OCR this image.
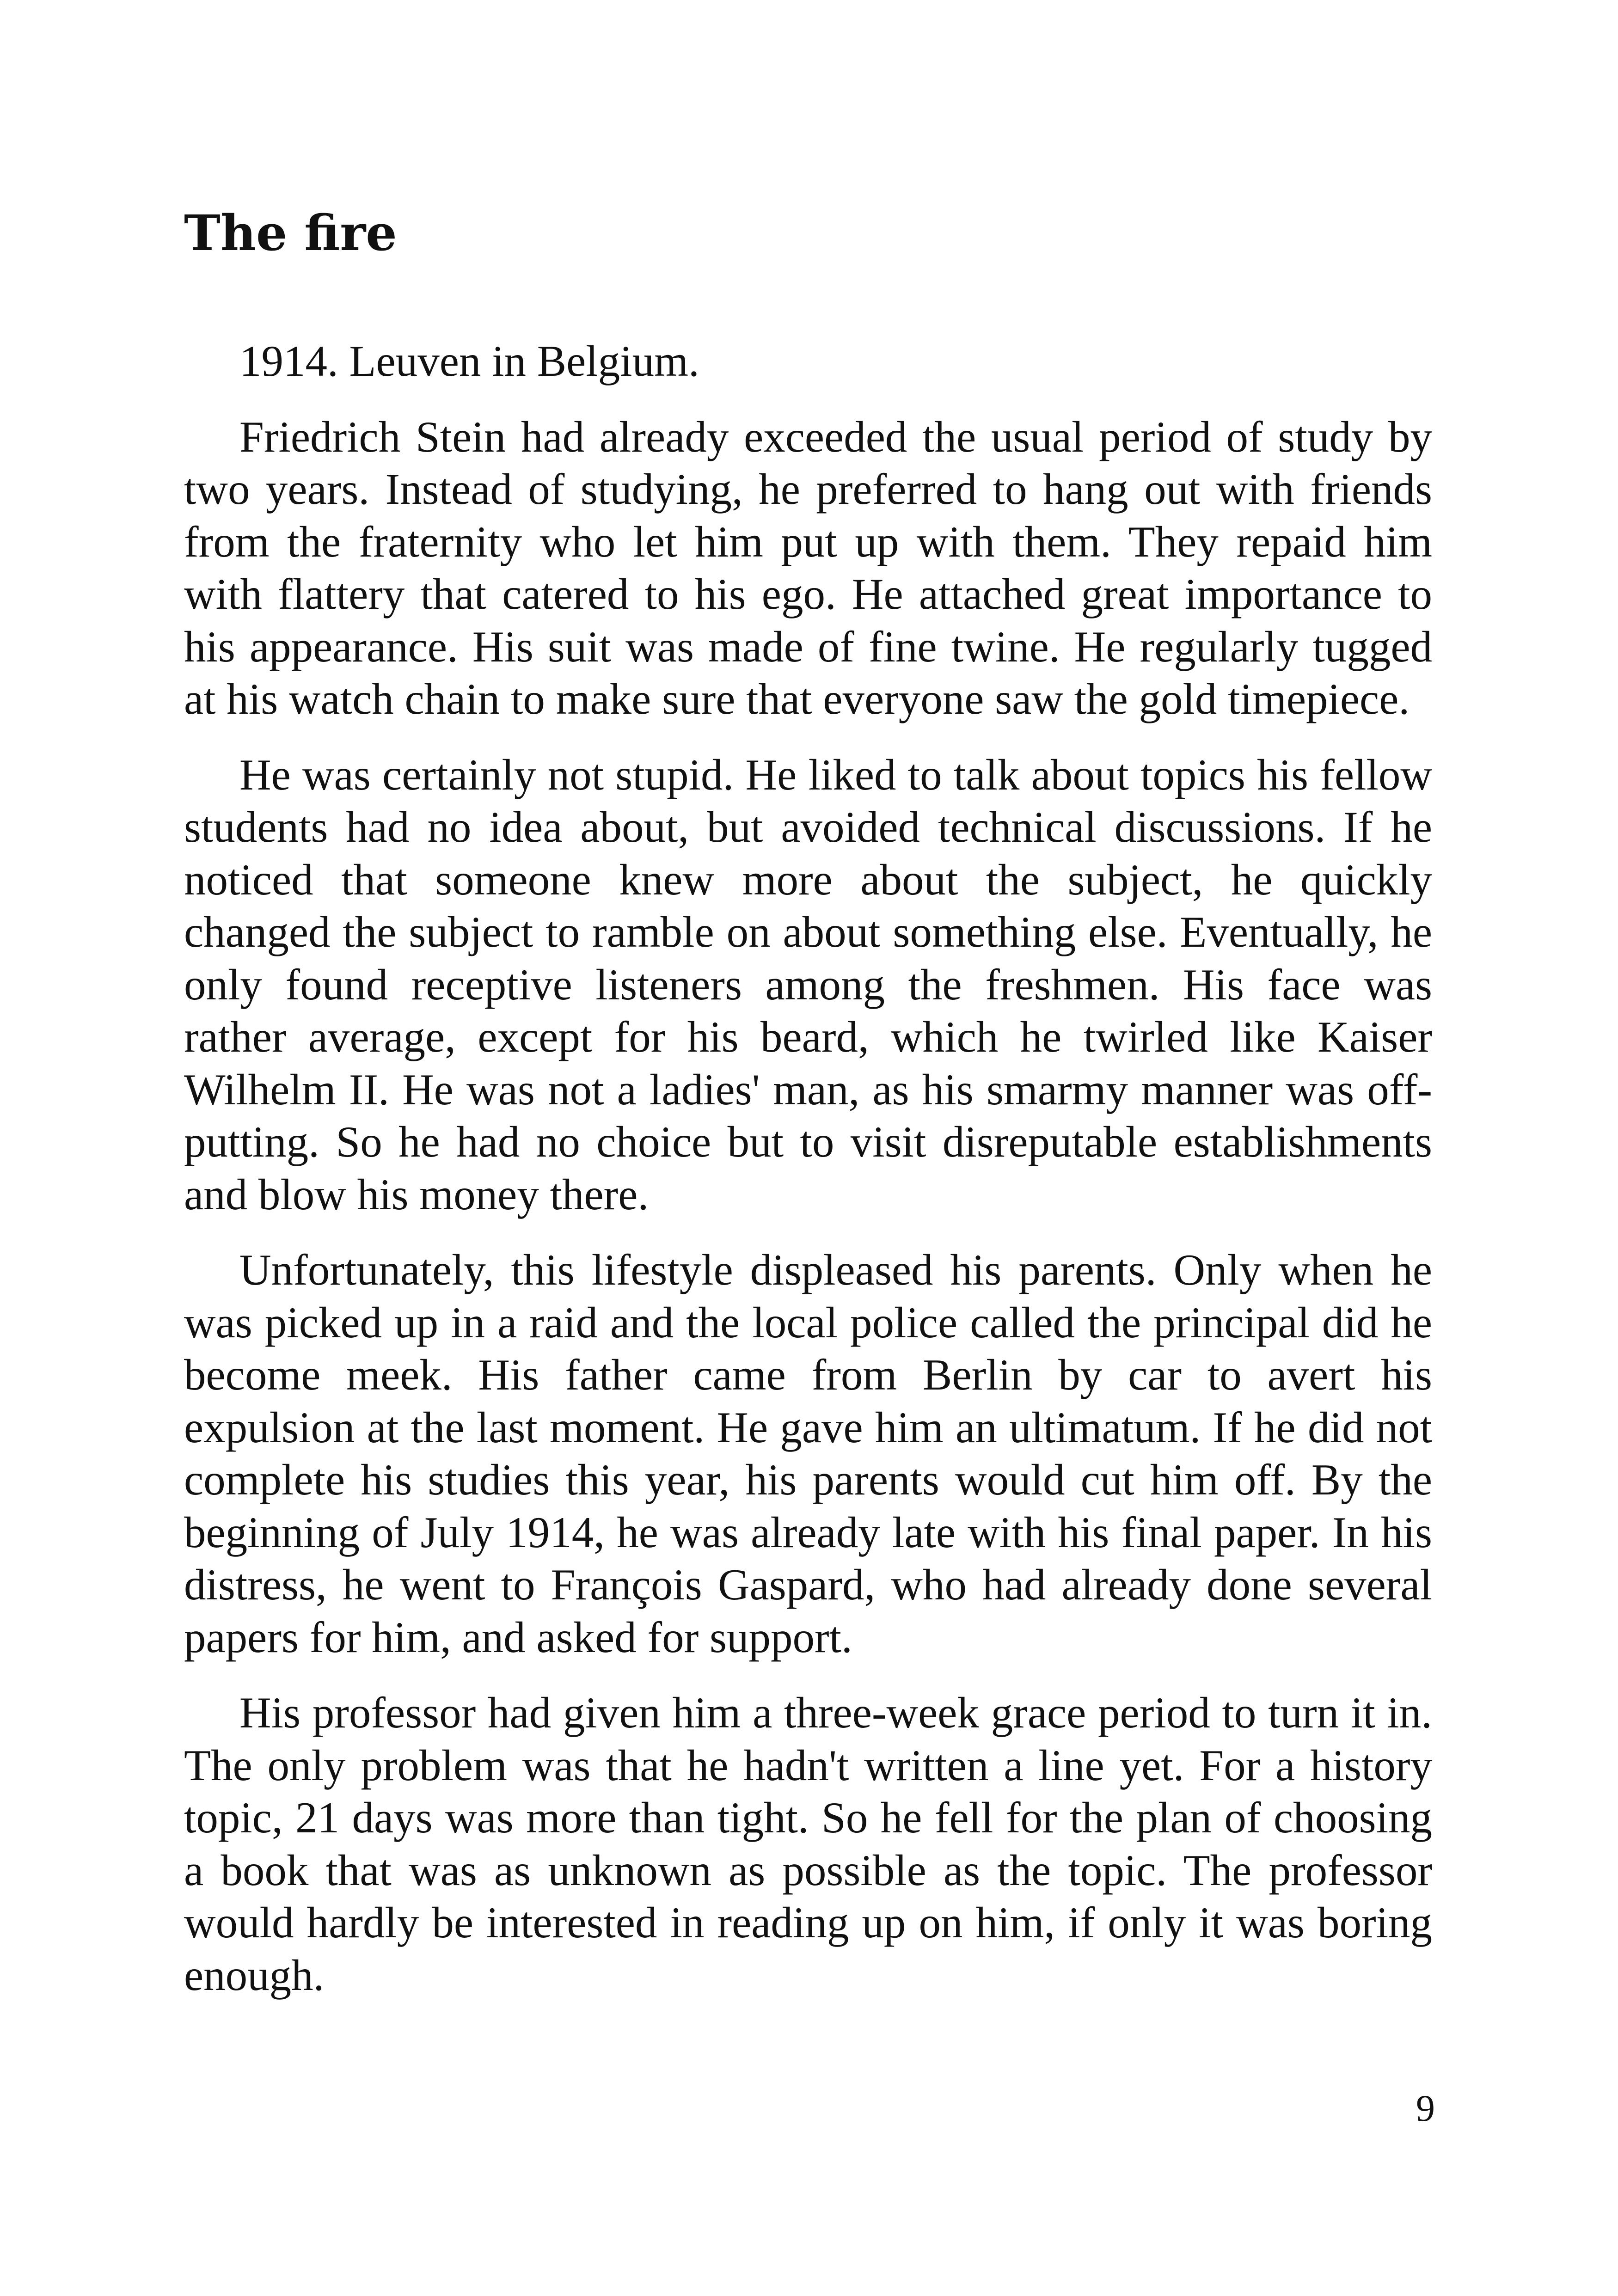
The fire

1914. Leuven in Belgium.

Friedrich Stein had already exceeded the usual period of study by two years. Instead of studying, he preferred to hang out with friends from the fraternity who let him put up with them. They repaid him with flattery that catered to his ego. He attached great importance to his appearance. His suit was made of fine twine. He regularly tugged at his watch chain to make sure that everyone saw the gold timepiece.

He was certainly not stupid. He liked to talk about topics his fellow students had no idea about, but avoided technical discussions. If he noticed that someone knew more about the subject, he quickly changed the subject to ramble on about something else. Eventually, he only found receptive listeners among the freshmen. His face was rather average, except for his beard, which he twirled like Kaiser Wilhelm II. He was not a ladies' man, as his smarmy manner was off-putting. So he had no choice but to visit disreputable establishments and blow his money there.

Unfortunately, this lifestyle displeased his parents. Only when he was picked up in a raid and the local police called the principal did he become meek. His father came from Berlin by car to avert his expulsion at the last moment. He gave him an ultimatum. If he did not complete his studies this year, his parents would cut him off. By the beginning of July 1914, he was already late with his final paper. In his distress, he went to François Gaspard, who had already done several papers for him, and asked for support.

His professor had given him a three-week grace period to turn it in. The only problem was that he hadn't written a line yet. For a history topic, 21 days was more than tight. So he fell for the plan of choosing a book that was as unknown as possible as the topic. The professor would hardly be interested in reading up on him, if only it was boring enough.

9
